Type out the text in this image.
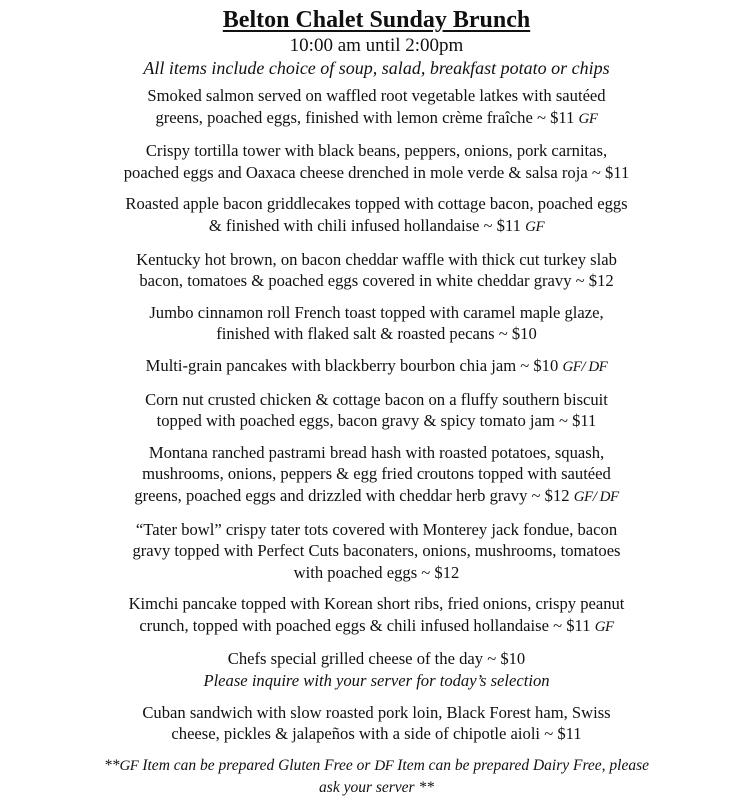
Belton Chalet Sunday Brunch

10:00 am until 2:00pm

All items include choice of soup, salad, breakfast potato or chips

Smoked salmon served on waffled root vegetable latkes with sautéed
greens, poached eggs, finished with lemon crème fraîche ~ $11 GF
Crispy tortilla tower with black beans, peppers, onions, pork carnitas,
poached eggs and Oaxaca cheese drenched in mole verde & salsa roja ~ $11
Roasted apple bacon griddlecakes topped with cottage bacon, poached eggs
& finished with chili infused hollandaise ~ $11 GF
Kentucky hot brown, on bacon cheddar waffle with thick cut turkey slab
bacon, tomatoes & poached eggs covered in white cheddar gravy ~ $12
Jumbo cinnamon roll French toast topped with caramel maple glaze,
finished with flaked salt & roasted pecans ~ $10
Multi-grain pancakes with blackberry bourbon chia jam ~ $10 GF/ DF
Corn nut crusted chicken & cottage bacon on a fluffy southern biscuit
topped with poached eggs, bacon gravy & spicy tomato jam ~ $11
Montana ranched pastrami bread hash with roasted potatoes, squash,
mushrooms, onions, peppers & egg fried croutons topped with sautéed
greens, poached eggs and drizzled with cheddar herb gravy ~ $12 GF/ DF
“Tater bowl” crispy tater tots covered with Monterey jack fondue, bacon
gravy topped with Perfect Cuts baconaters, onions, mushrooms, tomatoes
with poached eggs ~ $12
Kimchi pancake topped with Korean short ribs, fried onions, crispy peanut
crunch, topped with poached eggs & chili infused hollandaise ~ $11 GF
Chefs special grilled cheese of the day ~ $10
Please inquire with your server for today’s selection
Cuban sandwich with slow roasted pork loin, Black Forest ham, Swiss
cheese, pickles & jalapeños with a side of chipotle aioli ~ $11

**GF Item can be prepared Gluten Free or DF Item can be prepared Dairy Free, please
ask your server **
